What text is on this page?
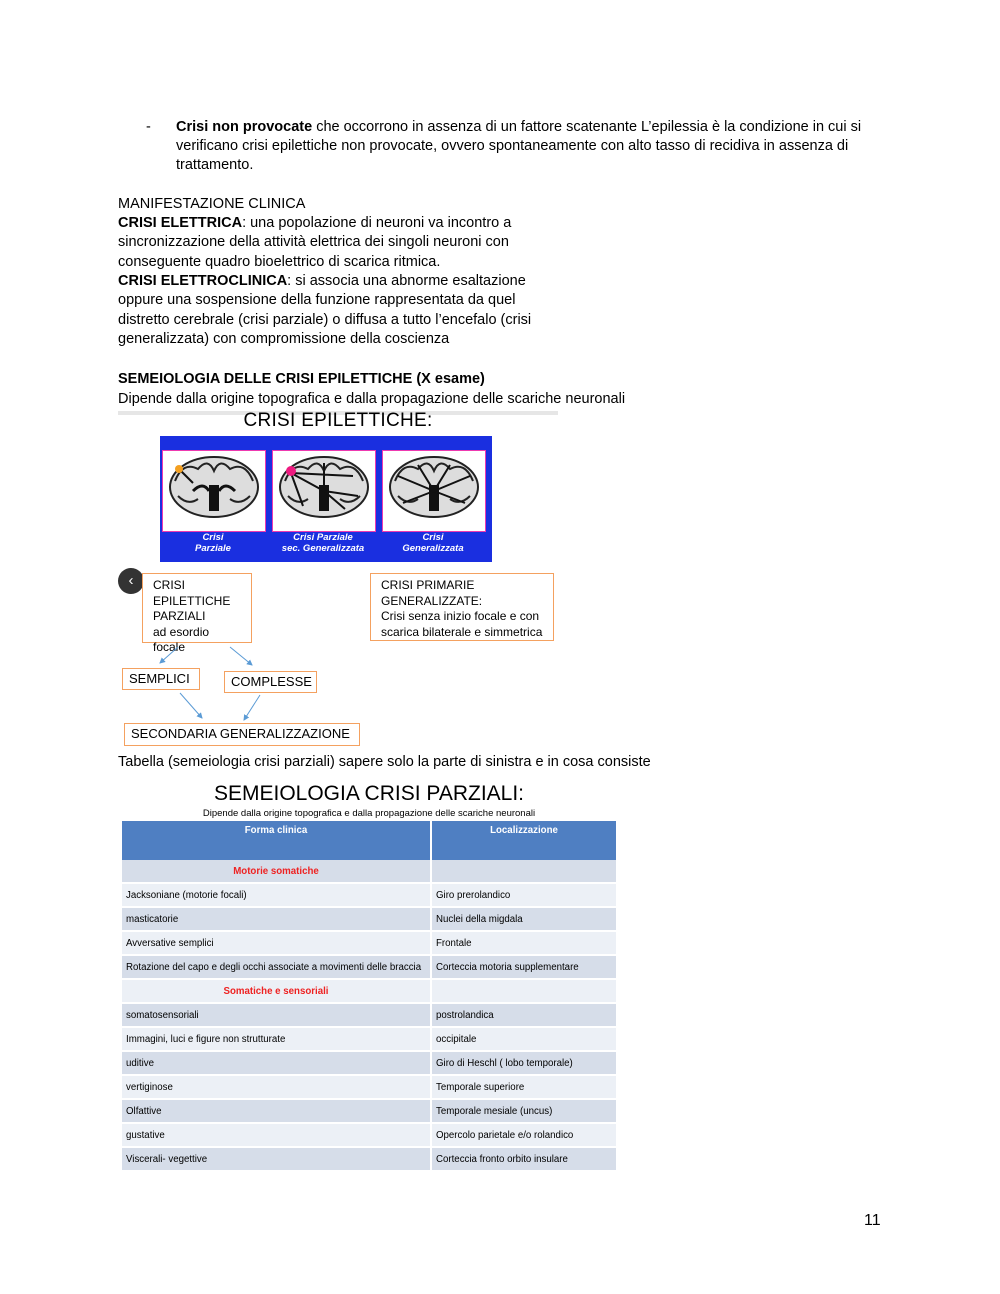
- Crisi non provocate che occorrono in assenza di un fattore scatenante L’epilessia è la condizione in cui si
verificano crisi epilettiche non provocate, ovvero spontaneamente con alto tasso di recidiva in assenza di
trattamento.
MANIFESTAZIONE CLINICA
CRISI ELETTRICA: una popolazione di neuroni va incontro a
sincronizzazione della attività elettrica dei singoli neuroni con
conseguente quadro bioelettrico di scarica ritmica.
CRISI ELETTROCLINICA: si associa una abnorme esaltazione
oppure una sospensione della funzione rappresentata da quel
distretto cerebrale (crisi parziale) o diffusa a tutto l’encefalo (crisi
generalizzata) con compromissione della coscienza
SEMEIOLOGIA DELLE CRISI EPILETTICHE (X esame)
Dipende dalla origine topografica e dalla propagazione delle scariche neuronali
CRISI EPILETTICHE:
Crisi
Parziale
Crisi Parziale
sec. Generalizzata
Crisi
Generalizzata
‹	CRISI
EPILETTICHE
PARZIALI
ad esordio focale
CRISI PRIMARIE
GENERALIZZATE:
Crisi senza inizio focale e con
scarica bilaterale e simmetrica
SEMPLICI	COMPLESSE
SECONDARIA GENERALIZZAZIONE
Tabella (semeiologia crisi parziali) sapere solo la parte di sinistra e in cosa consiste
SEMEIOLOGIA CRISI PARZIALI:
Dipende dalla origine topografica e dalla propagazione delle scariche neuronali
Forma clinica	Localizzazione
Motorie somatiche	
Jacksoniane (motorie focali)	Giro prerolandico
masticatorie	Nuclei della migdala
Avversative semplici	Frontale
Rotazione del capo e degli occhi associate a movimenti delle braccia	Corteccia motoria supplementare
Somatiche e sensoriali	
somatosensoriali	postrolandica
Immagini, luci e figure non strutturate	occipitale
uditive	Giro di Heschl ( lobo temporale)
vertiginose	Temporale superiore
Olfattive	Temporale mesiale (uncus)
gustative	Opercolo parietale e/o rolandico
Viscerali- vegettive	Corteccia fronto orbito insulare
11
